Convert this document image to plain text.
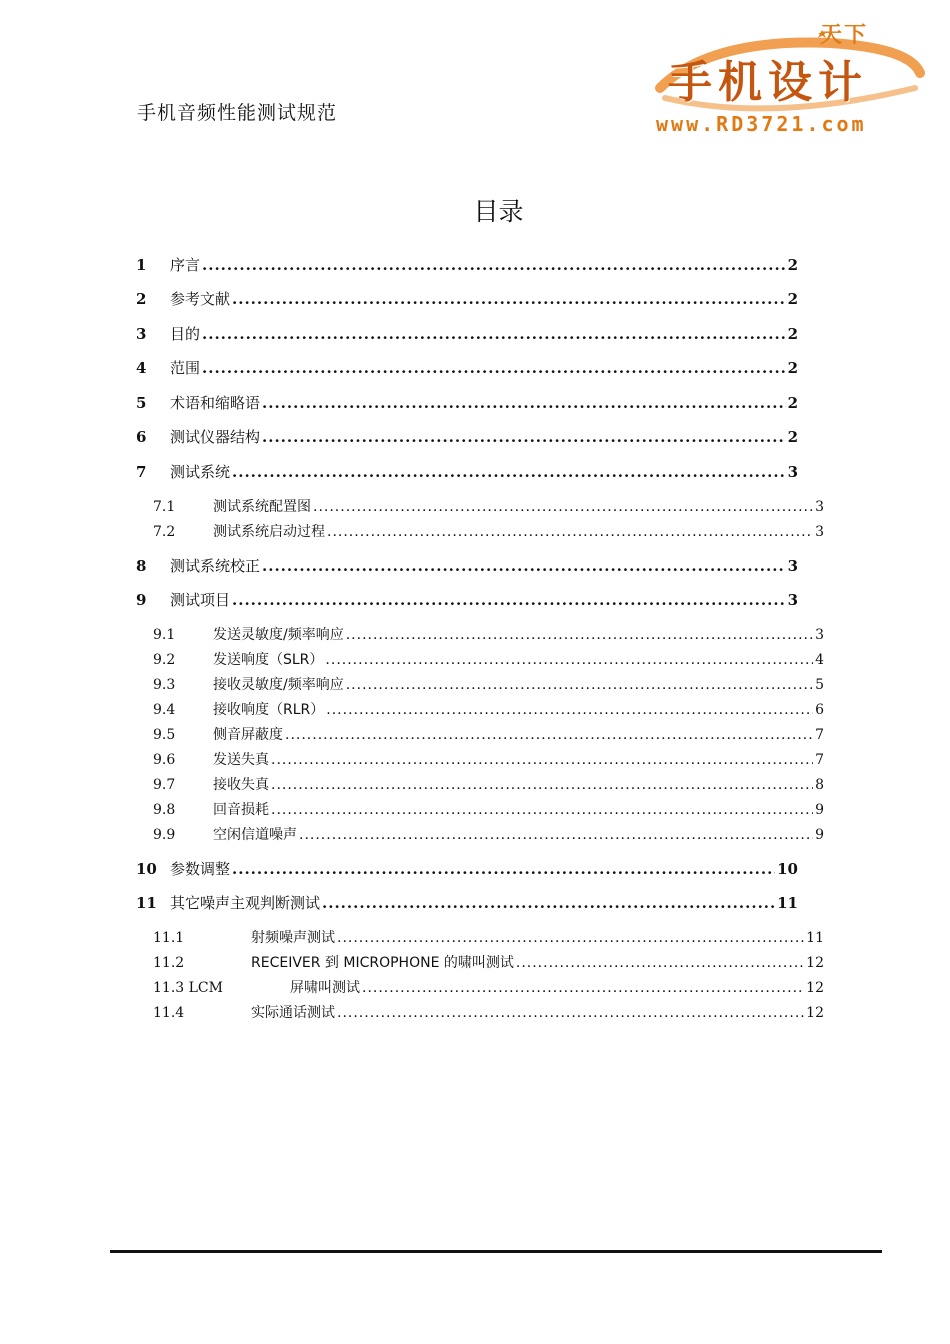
手机音频性能测试规范
天下
手机设计
www.RD3721.com
目录
1	序言 .....	2
2	参考文献 .....	2
3	目的 .....	2
4	范围 .....	2
5	术语和缩略语 .....	2
6	测试仪器结构 .....	2
7	测试系统 .....	3
7.1	测试系统配置图 .....	3
7.2	测试系统启动过程 .....	3
8	测试系统校正 .....	3
9	测试项目 .....	3
9.1	发送灵敏度/频率响应 .....	3
9.2	发送响度（SLR） .....	4
9.3	接收灵敏度/频率响应 .....	5
9.4	接收响度（RLR） .....	6
9.5	侧音屏蔽度 .....	7
9.6	发送失真 .....	7
9.7	接收失真 .....	8
9.8	回音损耗 .....	9
9.9	空闲信道噪声 .....	9
10 参数调整 .....	10
11 其它噪声主观判断测试 .....	11
11.1	射频噪声测试 .....	11
11.2	RECEIVER 到 MICROPHONE 的啸叫测试 .....	12
11.3 LCM	屏啸叫测试 .....	12
11.4	实际通话测试 .....	12
